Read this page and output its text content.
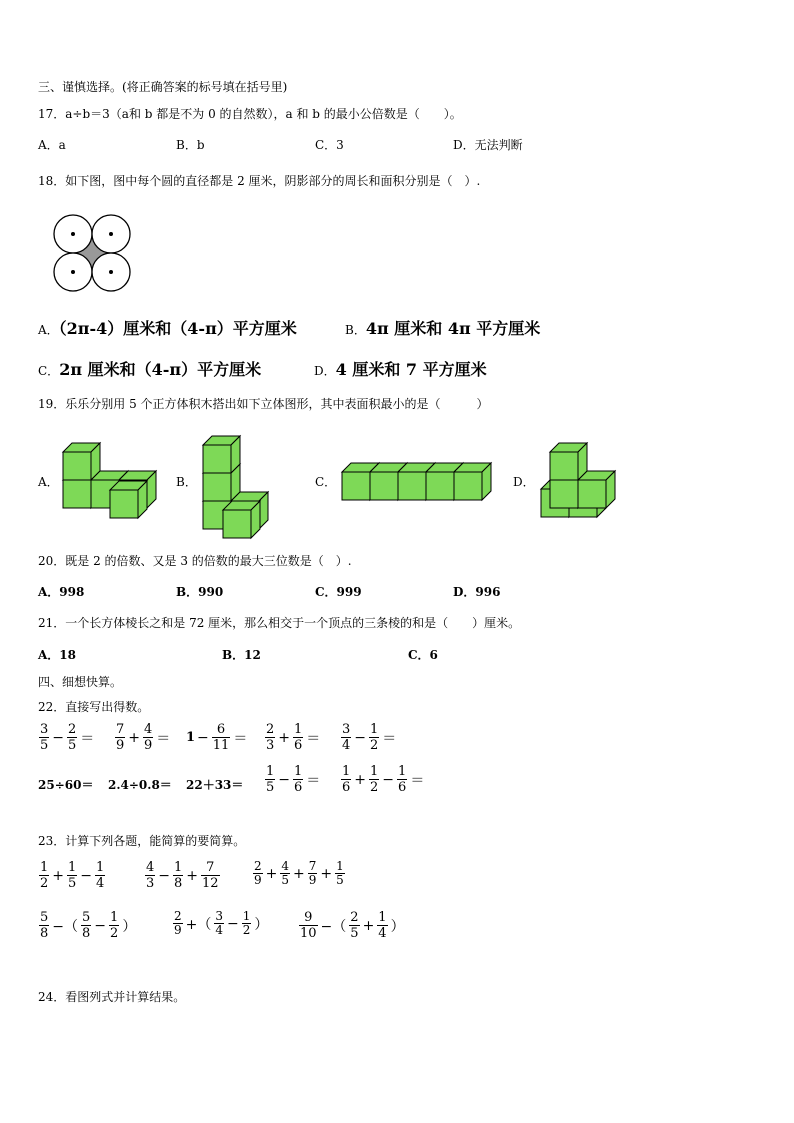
三、谨慎选择。(将正确答案的标号填在括号里)
17．a÷b＝3（a和 b 都是不为 0 的自然数），a 和 b 的最小公倍数是（　　）。
A．a	B．b	C．3	D．无法判断
18．如下图，图中每个圆的直径都是 2 厘米，阴影部分的周长和面积分别是（　）.
A．（2π-4）厘米和（4-π）平方厘米	B．4π 厘米和 4π 平方厘米
C．2π 厘米和（4-π）平方厘米	D．4 厘米和 7 平方厘米
19．乐乐分别用 5 个正方体积木搭出如下立体图形，其中表面积最小的是（　　　）
A．	B．	C．	D．
20．既是 2 的倍数、又是 3 的倍数的最大三位数是（　）.
A．998	B．990	C．999	D．996
21．一个长方体棱长之和是 72 厘米，那么相交于一个顶点的三条棱的和是（　　）厘米。
A．18	B．12	C．6
四、细想快算。
22．直接写出得数。
$\frac{3}{5} - \frac{2}{5} = \frac{7}{9} + \frac{4}{9} = 1 - \frac{6}{11} = \frac{2}{3} + \frac{1}{6} = \frac{3}{4} - \frac{1}{2}$ ＝
$25\div 60= 2.4\div 0.8= 22+33= \frac{1}{5} - \frac{1}{6} = \frac{1}{6} + \frac{1}{2} - \frac{1}{6}$ ＝
23．计算下列各题，能简算的要简算。
$\frac{1}{2} + \frac{1}{5} - \frac{1}{4}$	$\frac{4}{3} - \frac{1}{8} + \frac{7}{12}$	$\frac{2}{9} + \frac{4}{5} + \frac{7}{9} + \frac{1}{5}$
$\frac{5}{8}$ −（ $\frac{5}{8} - \frac{1}{2}$ ）	$\frac{2}{9}$ +（ $\frac{3}{4} - \frac{1}{2}$ ） $\frac{9}{10}$ −（ $\frac{2}{5} + \frac{1}{4}$ ）
24．看图列式并计算结果。
